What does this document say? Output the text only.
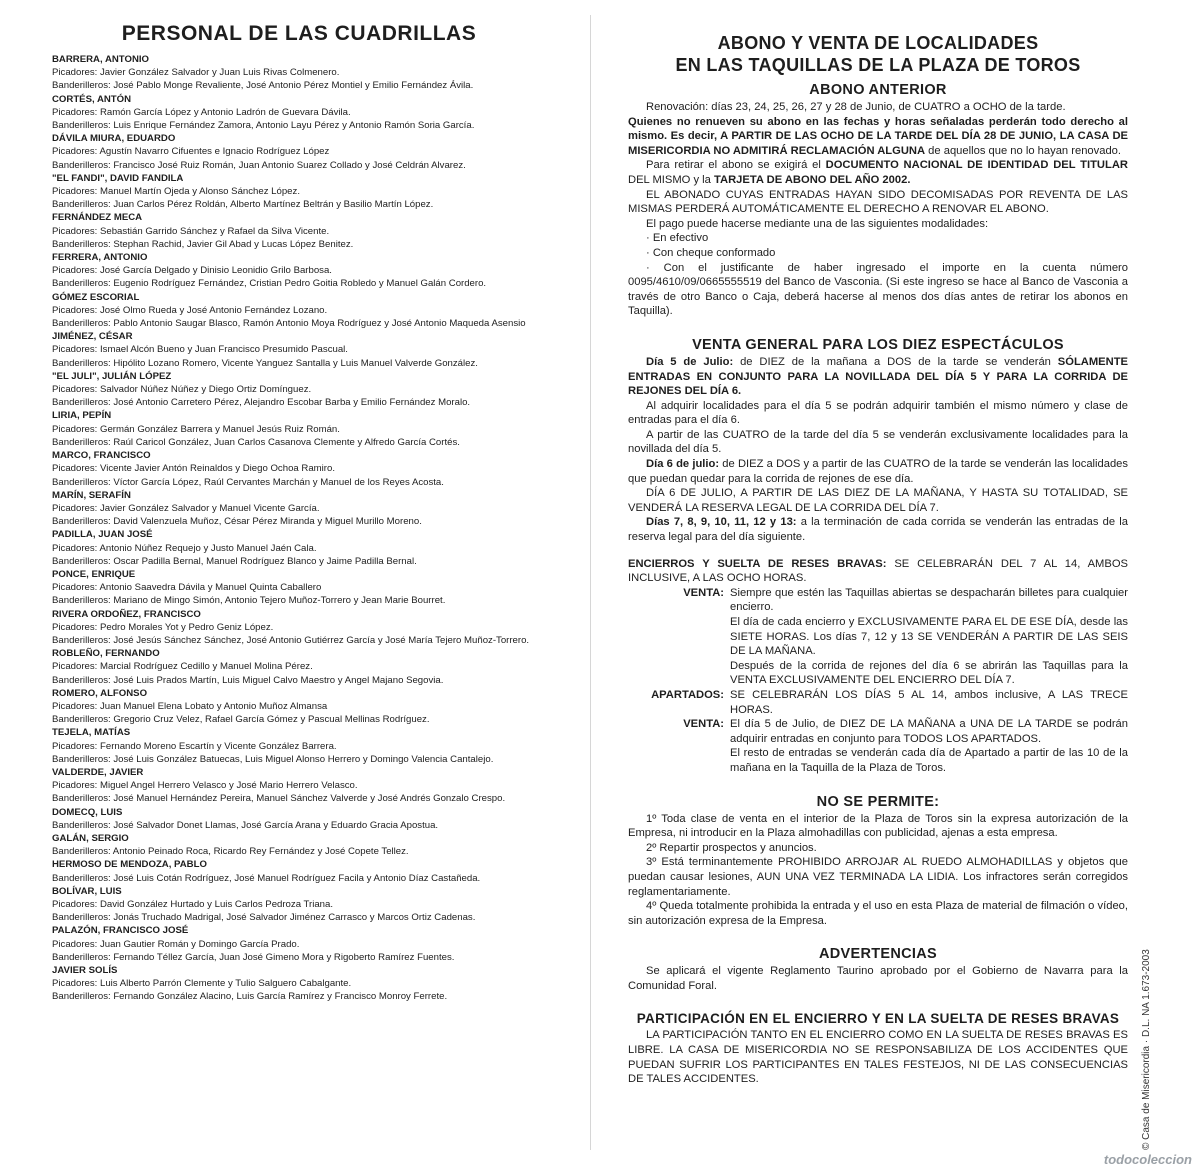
PERSONAL DE LAS CUADRILLAS
BARRERA, ANTONIO
Picadores: Javier González Salvador y Juan Luis Rivas Colmenero.
Banderilleros: José Pablo Monge Revaliente, José Antonio Pérez Montiel y Emilio Fernández Ávila.
CORTÉS, ANTÓN
Picadores: Ramón García López y Antonio Ladrón de Guevara Dávila.
Banderilleros: Luis Enrique Fernández Zamora, Antonio Layu Pérez y Antonio Ramón Soria García.
DÁVILA MIURA, EDUARDO
Picadores: Agustín Navarro Cifuentes e Ignacio Rodríguez López
Banderilleros: Francisco José Ruiz Román, Juan Antonio Suarez Collado y José Celdrán Alvarez.
"EL FANDI", DAVID FANDILA
Picadores: Manuel Martín Ojeda y Alonso Sánchez López.
Banderilleros: Juan Carlos Pérez Roldán, Alberto Martínez Beltrán y Basilio Martín López.
FERNÁNDEZ MECA
Picadores: Sebastián Garrido Sánchez y Rafael da Silva Vicente.
Banderilleros: Stephan Rachid, Javier Gil Abad y Lucas López Benitez.
FERRERA, ANTONIO
Picadores: José García Delgado y Dinisio Leonidio Grilo Barbosa.
Banderilleros: Eugenio Rodríguez Fernández, Cristian Pedro Goitia Robledo y Manuel Galán Cordero.
GÓMEZ ESCORIAL
Picadores: José Olmo Rueda y José Antonio Fernández Lozano.
Banderilleros: Pablo Antonio Saugar Blasco, Ramón Antonio Moya Rodríguez y José Antonio Maqueda Asensio
JIMÉNEZ, CÉSAR
Picadores: Ismael Alcón Bueno y Juan Francisco Presumido Pascual.
Banderilleros: Hipólito Lozano Romero, Vicente Yanguez Santalla y Luis Manuel Valverde González.
"EL JULI", JULIÁN LÓPEZ
Picadores: Salvador Núñez Núñez y Diego Ortiz Domínguez.
Banderilleros: José Antonio Carretero Pérez, Alejandro Escobar Barba y Emilio Fernández Moralo.
LIRIA, PEPÍN
Picadores: Germán González Barrera y Manuel Jesús Ruiz Román.
Banderilleros: Raúl Caricol González, Juan Carlos Casanova Clemente y Alfredo García Cortés.
MARCO, FRANCISCO
Picadores: Vicente Javier Antón Reinaldos y Diego Ochoa Ramiro.
Banderilleros: Víctor García López, Raúl Cervantes Marchán y Manuel de los Reyes Acosta.
MARÍN, SERAFÍN
Picadores: Javier González Salvador y Manuel Vicente García.
Banderilleros: David Valenzuela Muñoz, César Pérez Miranda y Miguel Murillo Moreno.
PADILLA, JUAN JOSÉ
Picadores: Antonio Núñez Requejo y Justo Manuel Jaén Cala.
Banderilleros: Oscar Padilla Bernal, Manuel Rodríguez Blanco y Jaime Padilla Bernal.
PONCE, ENRIQUE
Picadores: Antonio Saavedra Dávila y Manuel Quinta Caballero
Banderilleros: Mariano de Mingo Simón, Antonio Tejero Muñoz-Torrero y Jean Marie Bourret.
RIVERA ORDOÑEZ, FRANCISCO
Picadores: Pedro Morales Yot y Pedro Geniz López.
Banderilleros: José Jesús Sánchez Sánchez, José Antonio Gutiérrez García y José María Tejero Muñoz-Torrero.
ROBLEÑO, FERNANDO
Picadores: Marcial Rodríguez Cedillo y Manuel Molina Pérez.
Banderilleros: José Luis Prados Martín, Luis Miguel Calvo Maestro y Angel Majano Segovia.
ROMERO, ALFONSO
Picadores: Juan Manuel Elena Lobato y Antonio Muñoz Almansa
Banderilleros: Gregorio Cruz Velez, Rafael García Gómez y Pascual Mellinas Rodríguez.
TEJELA, MATÍAS
Picadores: Fernando Moreno Escartín y Vicente González Barrera.
Banderilleros: José Luis González Batuecas, Luis Miguel Alonso Herrero y Domingo Valencia Cantalejo.
VALDERDE, JAVIER
Picadores: Miguel Angel Herrero Velasco y José Mario Herrero Velasco.
Banderilleros: José Manuel Hernández Pereira, Manuel Sánchez Valverde y José Andrés Gonzalo Crespo.
DOMECQ, LUIS
Banderilleros: José Salvador Donet Llamas, José García Arana y Eduardo Gracia Apostua.
GALÁN, SERGIO
Banderilleros: Antonio Peinado Roca, Ricardo Rey Fernández y José Copete Tellez.
HERMOSO DE MENDOZA, PABLO
Banderilleros: José Luis Cotán Rodríguez, José Manuel Rodríguez Facila y Antonio Díaz Castañeda.
BOLÍVAR, LUIS
Picadores: David González Hurtado y Luis Carlos Pedroza Triana.
Banderilleros: Jonás Truchado Madrigal, José Salvador Jiménez Carrasco y Marcos Ortiz Cadenas.
PALAZÓN, FRANCISCO JOSÉ
Picadores: Juan Gautier Román y Domingo García Prado.
Banderilleros: Fernando Téllez García, Juan José Gimeno Mora y Rigoberto Ramírez Fuentes.
JAVIER SOLÍS
Picadores: Luis Alberto Parrón Clemente y Tulio Salguero Cabalgante.
Banderilleros: Fernando González Alacino, Luis García Ramírez y Francisco Monroy Ferrete.
ABONO Y VENTA DE LOCALIDADES
EN LAS TAQUILLAS DE LA PLAZA DE TOROS
ABONO ANTERIOR
Renovación: días 23, 24, 25, 26, 27 y 28 de Junio, de CUATRO a OCHO de la tarde.
Quienes no renueven su abono en las fechas y horas señaladas perderán todo derecho al mismo. Es decir, A PARTIR DE LAS OCHO DE LA TARDE DEL DÍA 28 DE JUNIO, LA CASA DE MISERICORDIA NO ADMITIRÁ RECLAMACIÓN ALGUNA de aquellos que no lo hayan renovado.
Para retirar el abono se exigirá el DOCUMENTO NACIONAL DE IDENTIDAD DEL TITULAR DEL MISMO y la TARJETA DE ABONO DEL AÑO 2002.
EL ABONADO CUYAS ENTRADAS HAYAN SIDO DECOMISADAS POR REVENTA DE LAS MISMAS PERDERÁ AUTOMÁTICAMENTE EL DERECHO A RENOVAR EL ABONO.
El pago puede hacerse mediante una de las siguientes modalidades:
· En efectivo
· Con cheque conformado
· Con el justificante de haber ingresado el importe en la cuenta número 0095/4610/09/0665555519 del Banco de Vasconia. (Si este ingreso se hace al Banco de Vasconia a través de otro Banco o Caja, deberá hacerse al menos dos días antes de retirar los abonos en Taquilla).
VENTA GENERAL PARA LOS DIEZ ESPECTÁCULOS
Día 5 de Julio: de DIEZ de la mañana a DOS de la tarde se venderán SÓLAMENTE ENTRADAS EN CONJUNTO PARA LA NOVILLADA DEL DÍA 5 Y PARA LA CORRIDA DE REJONES DEL DÍA 6.
Al adquirir localidades para el día 5 se podrán adquirir también el mismo número y clase de entradas para el día 6.
A partir de las CUATRO de la tarde del día 5 se venderán exclusivamente localidades para la novillada del día 5.
Día 6 de julio: de DIEZ a DOS y a partir de las CUATRO de la tarde se venderán las localidades que puedan quedar para la corrida de rejones de ese día.
DÍA 6 DE JULIO, A PARTIR DE LAS DIEZ DE LA MAÑANA, Y HASTA SU TOTALIDAD, SE VENDERÁ LA RESERVA LEGAL DE LA CORRIDA DEL DÍA 7.
Días 7, 8, 9, 10, 11, 12 y 13: a la terminación de cada corrida se venderán las entradas de la reserva legal para del día siguiente.
ENCIERROS Y SUELTA DE RESES BRAVAS: SE CELEBRARÁN DEL 7 AL 14, AMBOS INCLUSIVE, A LAS OCHO HORAS.
VENTA: Siempre que estén las Taquillas abiertas se despacharán billetes para cualquier encierro.
El día de cada encierro y EXCLUSIVAMENTE PARA EL DE ESE DÍA, desde las SIETE HORAS. Los días 7, 12 y 13 SE VENDERÁN A PARTIR DE LAS SEIS DE LA MAÑANA.
Después de la corrida de rejones del día 6 se abrirán las Taquillas para la VENTA EXCLUSIVAMENTE DEL ENCIERRO DEL DÍA 7.
APARTADOS: SE CELEBRARÁN LOS DÍAS 5 AL 14, ambos inclusive, A LAS TRECE HORAS.
VENTA: El día 5 de Julio, de DIEZ DE LA MAÑANA a UNA DE LA TARDE se podrán adquirir entradas en conjunto para TODOS LOS APARTADOS.
El resto de entradas se venderán cada día de Apartado a partir de las 10 de la mañana en la Taquilla de la Plaza de Toros.
NO SE PERMITE:
1º Toda clase de venta en el interior de la Plaza de Toros sin la expresa autorización de la Empresa, ni introducir en la Plaza almohadillas con publicidad, ajenas a esta empresa.
2º Repartir prospectos y anuncios.
3º Está terminantemente PROHIBIDO ARROJAR AL RUEDO ALMOHADILLAS y objetos que puedan causar lesiones, AUN UNA VEZ TERMINADA LA LIDIA. Los infractores serán corregidos reglamentariamente.
4º Queda totalmente prohibida la entrada y el uso en esta Plaza de material de filmación o vídeo, sin autorización expresa de la Empresa.
ADVERTENCIAS
Se aplicará el vigente Reglamento Taurino aprobado por el Gobierno de Navarra para la Comunidad Foral.
PARTICIPACIÓN EN EL ENCIERRO Y EN LA SUELTA DE RESES BRAVAS
LA PARTICIPACIÓN TANTO EN EL ENCIERRO COMO EN LA SUELTA DE RESES BRAVAS ES LIBRE. LA CASA DE MISERICORDIA NO SE RESPONSABILIZA DE LOS ACCIDENTES QUE PUEDAN SUFRIR LOS PARTICIPANTES EN TALES FESTEJOS, NI DE LAS CONSECUENCIAS DE TALES ACCIDENTES.	© Casa de Misericordia · D.L. NA 1.673-2003
todocoleccion
